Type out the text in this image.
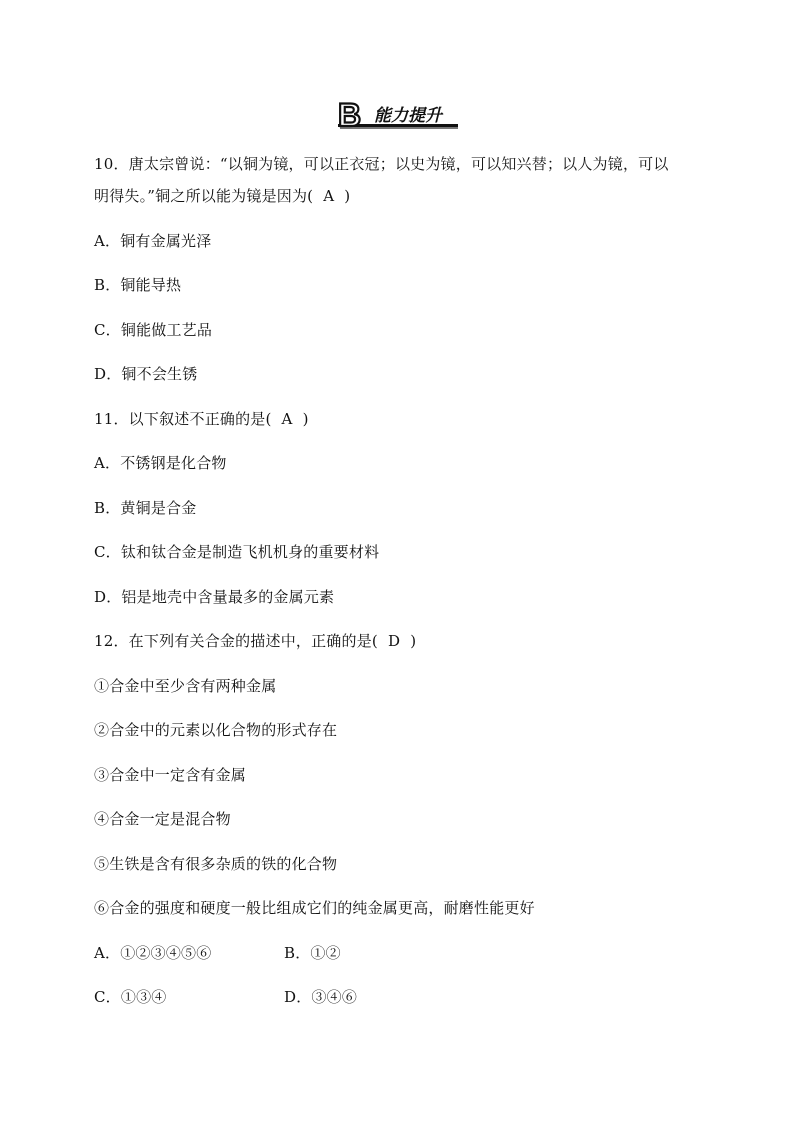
B 能力提升
10．唐太宗曾说：“以铜为镜，可以正衣冠；以史为镜，可以知兴替；以人为镜，可以
明得失。”铜之所以能为镜是因为( A )
A．铜有金属光泽
B．铜能导热
C．铜能做工艺品
D．铜不会生锈
11．以下叙述不正确的是( A )
A．不锈钢是化合物
B．黄铜是合金
C．钛和钛合金是制造飞机机身的重要材料
D．铝是地壳中含量最多的金属元素
12．在下列有关合金的描述中，正确的是( D )
①合金中至少含有两种金属
②合金中的元素以化合物的形式存在
③合金中一定含有金属
④合金一定是混合物
⑤生铁是含有很多杂质的铁的化合物
⑥合金的强度和硬度一般比组成它们的纯金属更高，耐磨性能更好
A．①②③④⑤⑥	B．①②
C．①③④	D．③④⑥
